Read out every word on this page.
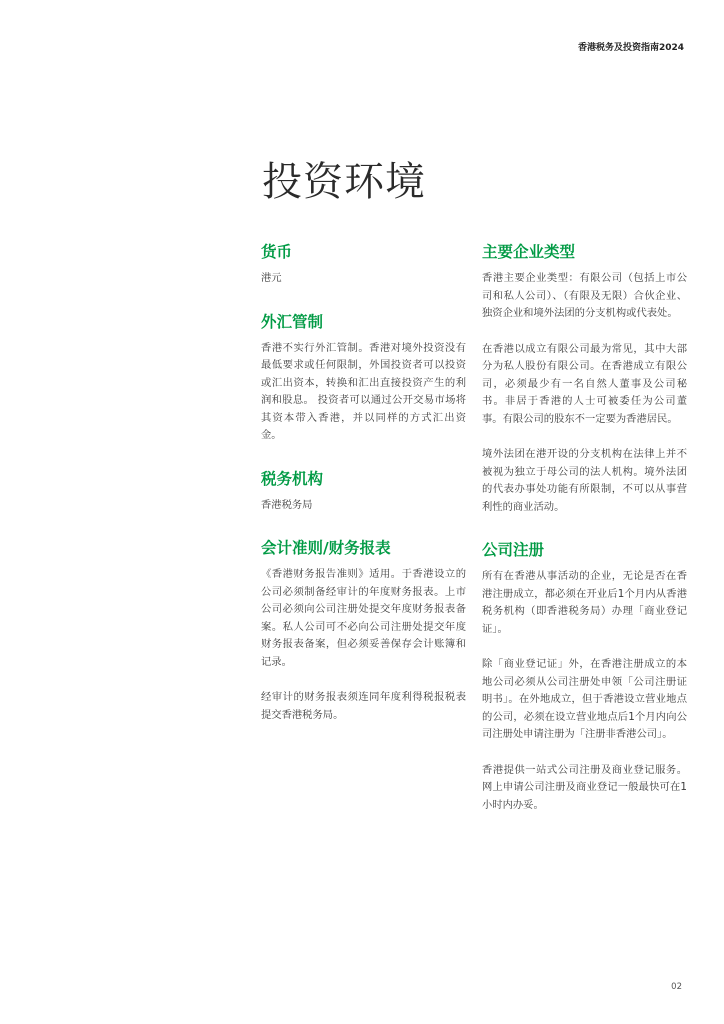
香港税务及投资指南2024
投资环境
货币

港元

外汇管制

香港不实行外汇管制。香港对境外投资没有最低要求或任何限制，外国投资者可以投资或汇出资本，转换和汇出直接投资产生的利润和股息。 投资者可以通过公开交易市场将其资本带入香港，并以同样的方式汇出资金。

税务机构

香港税务局

会计准则/财务报表

《香港财务报告准则》适用。于香港设立的公司必须制备经审计的年度财务报表。上市公司必须向公司注册处提交年度财务报表备案。私人公司可不必向公司注册处提交年度财务报表备案，但必须妥善保存会计账簿和记录。

经审计的财务报表须连同年度利得税报税表提交香港税务局。

主要企业类型

香港主要企业类型：有限公司（包括上市公司和私人公司）、（有限及无限）合伙企业、独资企业和境外法团的分支机构或代表处。

在香港以成立有限公司最为常见，其中大部分为私人股份有限公司。在香港成立有限公司，必须最少有一名自然人董事及公司秘书。非居于香港的人士可被委任为公司董事。有限公司的股东不一定要为香港居民。

境外法团在港开设的分支机构在法律上并不被视为独立于母公司的法人机构。境外法团的代表办事处功能有所限制，不可以从事营利性的商业活动。

公司注册

所有在香港从事活动的企业，无论是否在香港注册成立，都必须在开业后1个月内从香港税务机构（即香港税务局）办理「商业登记证」。

除「商业登记证」外，在香港注册成立的本地公司必须从公司注册处申领「公司注册证明书」。在外地成立，但于香港设立营业地点的公司，必须在设立营业地点后1个月内向公司注册处申请注册为「注册非香港公司」。

香港提供一站式公司注册及商业登记服务。网上申请公司注册及商业登记一般最快可在1小时内办妥。

02
